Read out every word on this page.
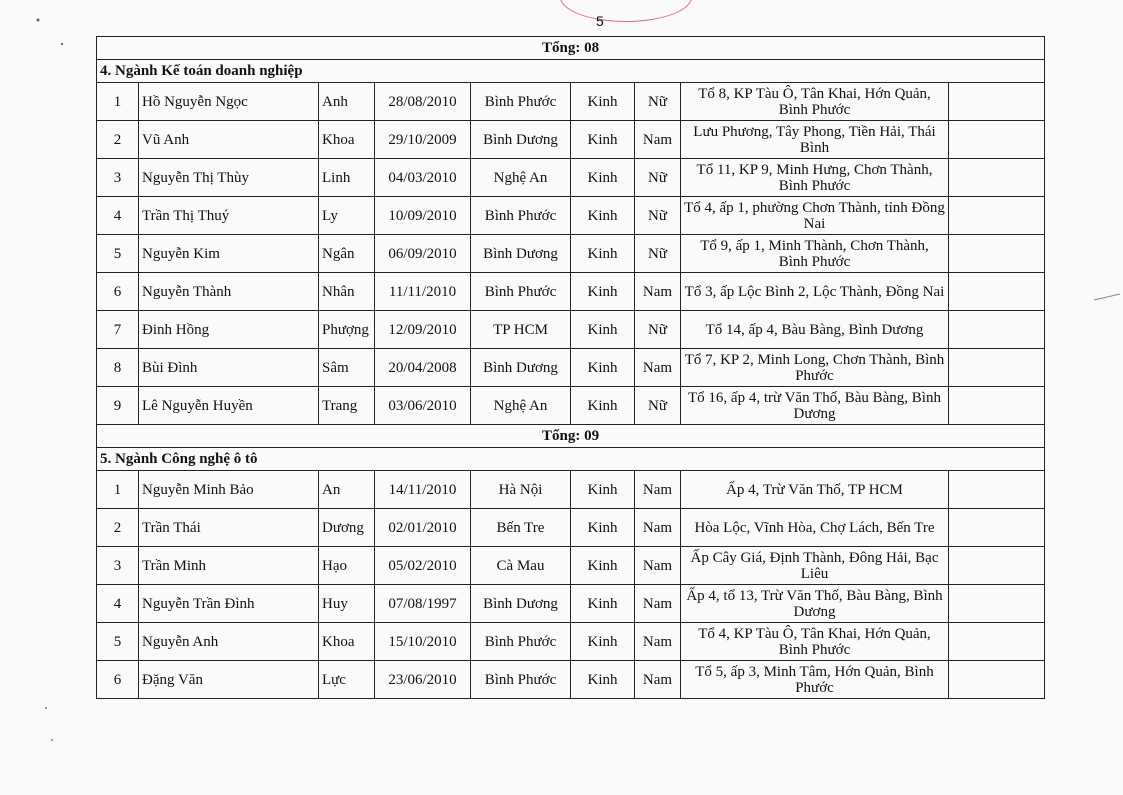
5
Tổng: 08								
4. Ngành Kế toán doanh nghiệp								
1	Hồ Nguyễn Ngọc	Anh	28/08/2010	Bình Phước	Kinh	Nữ	Tổ 8, KP Tàu Ô, Tân Khai, Hớn Quản, Bình Phước	
2	Vũ Anh	Khoa	29/10/2009	Bình Dương	Kinh	Nam	Lưu Phương, Tây Phong, Tiền Hải, Thái Bình	
3	Nguyễn Thị Thùy	Linh	04/03/2010	Nghệ An	Kinh	Nữ	Tổ 11, KP 9, Minh Hưng, Chơn Thành, Bình Phước	
4	Trần Thị Thuý	Ly	10/09/2010	Bình Phước	Kinh	Nữ	Tổ 4, ấp 1, phường Chơn Thành, tỉnh Đồng Nai	
5	Nguyễn Kim	Ngân	06/09/2010	Bình Dương	Kinh	Nữ	Tổ 9, ấp 1, Minh Thành, Chơn Thành, Bình Phước	
6	Nguyễn Thành	Nhân	11/11/2010	Bình Phước	Kinh	Nam	Tổ 3, ấp Lộc Bình 2, Lộc Thành, Đồng Nai	
7	Đinh Hồng	Phượng	12/09/2010	TP HCM	Kinh	Nữ	Tổ 14, ấp 4, Bàu Bàng, Bình Dương	
8	Bùi Đình	Sâm	20/04/2008	Bình Dương	Kinh	Nam	Tổ 7, KP 2, Minh Long, Chơn Thành, Bình Phước	
9	Lê Nguyễn Huyền	Trang	03/06/2010	Nghệ An	Kinh	Nữ	Tổ 16, ấp 4, trừ Văn Thố, Bàu Bàng, Bình Dương	
Tổng: 09								
5. Ngành Công nghệ ô tô								
1	Nguyễn Minh Bảo	An	14/11/2010	Hà Nội	Kinh	Nam	Ấp 4, Trừ Văn Thố, TP HCM	
2	Trần Thái	Dương	02/01/2010	Bến Tre	Kinh	Nam	Hòa Lộc, Vĩnh Hòa, Chợ Lách, Bến Tre	
3	Trần Minh	Hạo	05/02/2010	Cà Mau	Kinh	Nam	Ấp Cây Giá, Định Thành, Đông Hải, Bạc Liêu	
4	Nguyễn Trần Đình	Huy	07/08/1997	Bình Dương	Kinh	Nam	Ấp 4, tổ 13, Trừ Văn Thố, Bàu Bàng, Bình Dương	
5	Nguyễn Anh	Khoa	15/10/2010	Bình Phước	Kinh	Nam	Tổ 4, KP Tàu Ô, Tân Khai, Hớn Quản, Bình Phước	
6	Đặng Văn	Lực	23/06/2010	Bình Phước	Kinh	Nam	Tổ 5, ấp 3, Minh Tâm, Hớn Quản, Bình Phước	
